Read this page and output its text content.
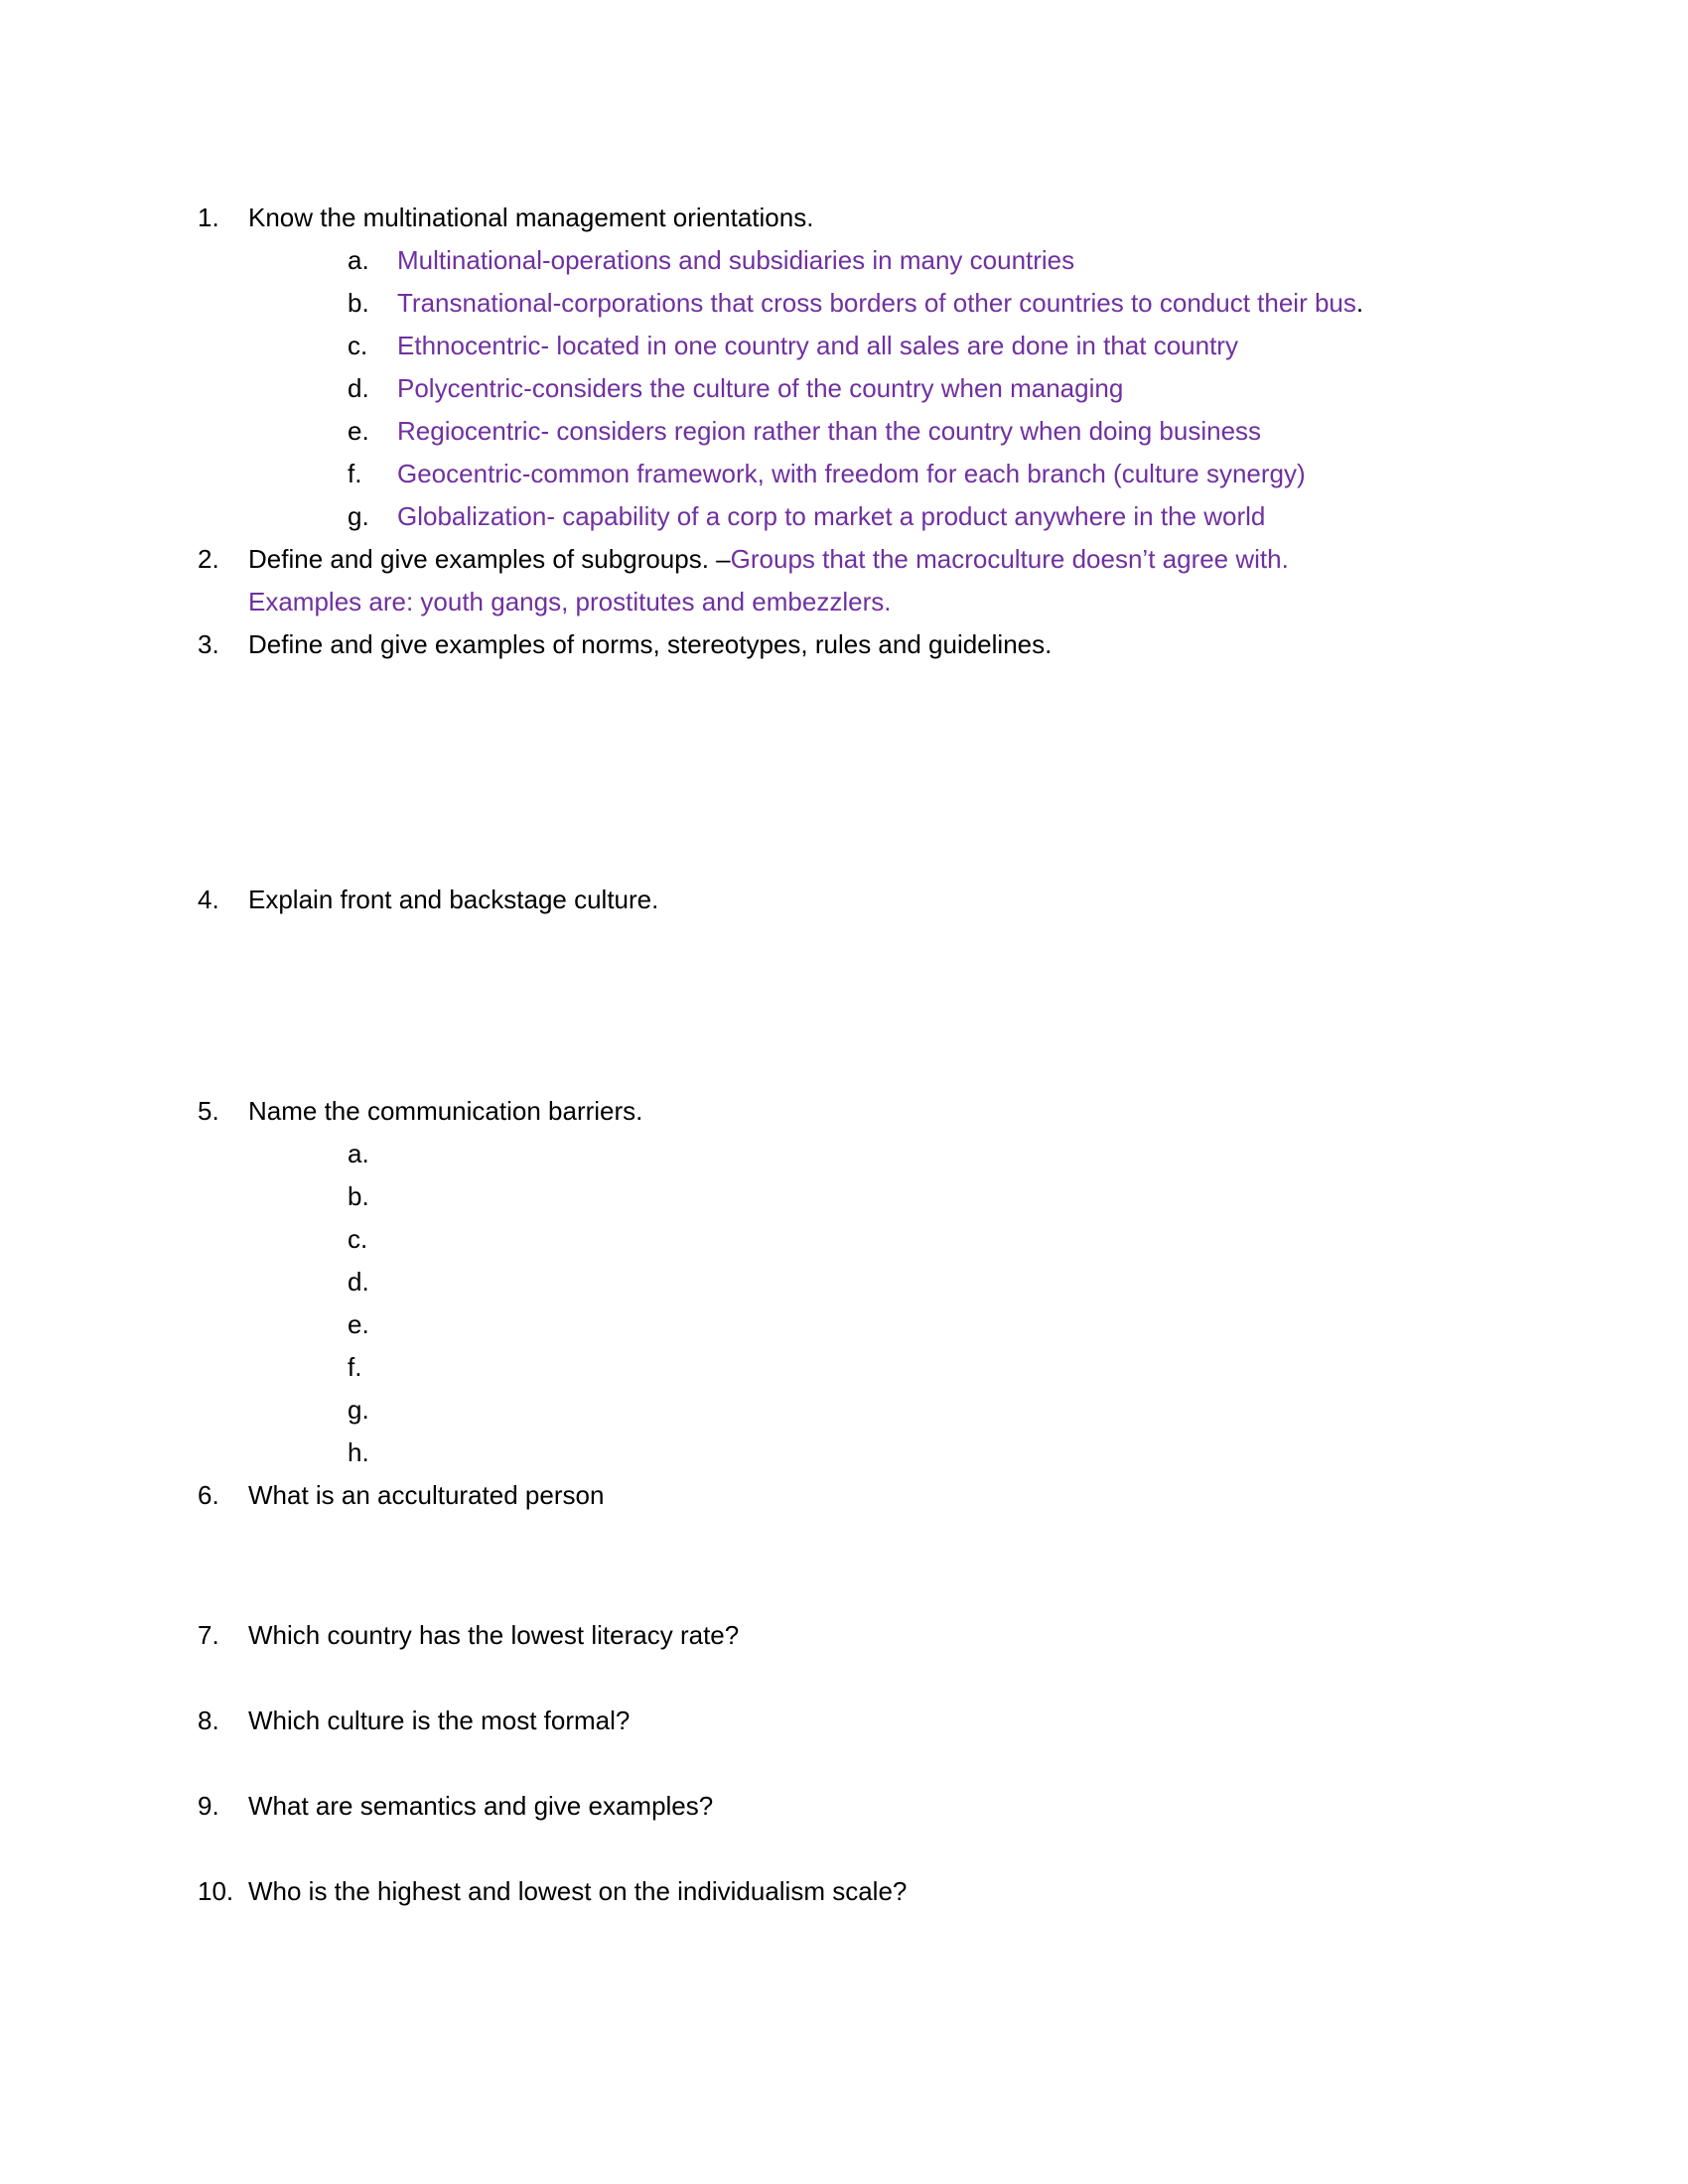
1. Know the multinational management orientations.
a. Multinational-operations and subsidiaries in many countries
b. Transnational-corporations that cross borders of other countries to conduct their bus.
c. Ethnocentric- located in one country and all sales are done in that country
d. Polycentric-considers the culture of the country when managing
e. Regiocentric- considers region rather than the country when doing business
f. Geocentric-common framework, with freedom for each branch (culture synergy)
g. Globalization- capability of a corp to market a product anywhere in the world
2. Define and give examples of subgroups. –Groups that the macroculture doesn’t agree with.
Examples are: youth gangs, prostitutes and embezzlers.
3. Define and give examples of norms, stereotypes, rules and guidelines.
4. Explain front and backstage culture.
5. Name the communication barriers.
a.
b.
c.
d.
e.
f.
g.
h.
6. What is an acculturated person
7. Which country has the lowest literacy rate?
8. Which culture is the most formal?
9. What are semantics and give examples?
10. Who is the highest and lowest on the individualism scale?
